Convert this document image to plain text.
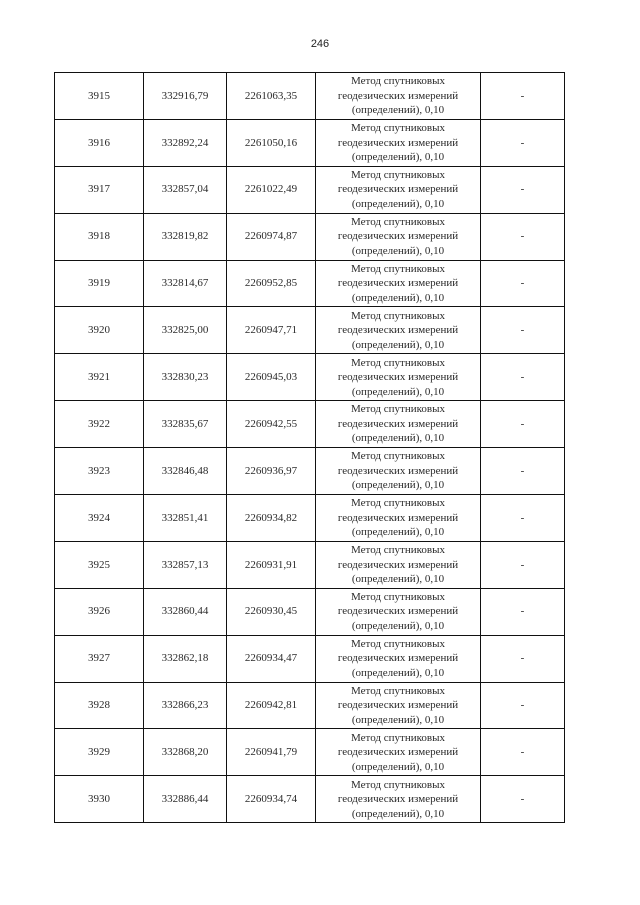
246
3915	332916,79	2261063,35	Метод спутниковых геодезических измерений (определений), 0,10	-
3916	332892,24	2261050,16	Метод спутниковых геодезических измерений (определений), 0,10	-
3917	332857,04	2261022,49	Метод спутниковых геодезических измерений (определений), 0,10	-
3918	332819,82	2260974,87	Метод спутниковых геодезических измерений (определений), 0,10	-
3919	332814,67	2260952,85	Метод спутниковых геодезических измерений (определений), 0,10	-
3920	332825,00	2260947,71	Метод спутниковых геодезических измерений (определений), 0,10	-
3921	332830,23	2260945,03	Метод спутниковых геодезических измерений (определений), 0,10	-
3922	332835,67	2260942,55	Метод спутниковых геодезических измерений (определений), 0,10	-
3923	332846,48	2260936,97	Метод спутниковых геодезических измерений (определений), 0,10	-
3924	332851,41	2260934,82	Метод спутниковых геодезических измерений (определений), 0,10	-
3925	332857,13	2260931,91	Метод спутниковых геодезических измерений (определений), 0,10	-
3926	332860,44	2260930,45	Метод спутниковых геодезических измерений (определений), 0,10	-
3927	332862,18	2260934,47	Метод спутниковых геодезических измерений (определений), 0,10	-
3928	332866,23	2260942,81	Метод спутниковых геодезических измерений (определений), 0,10	-
3929	332868,20	2260941,79	Метод спутниковых геодезических измерений (определений), 0,10	-
3930	332886,44	2260934,74	Метод спутниковых геодезических измерений (определений), 0,10	-
